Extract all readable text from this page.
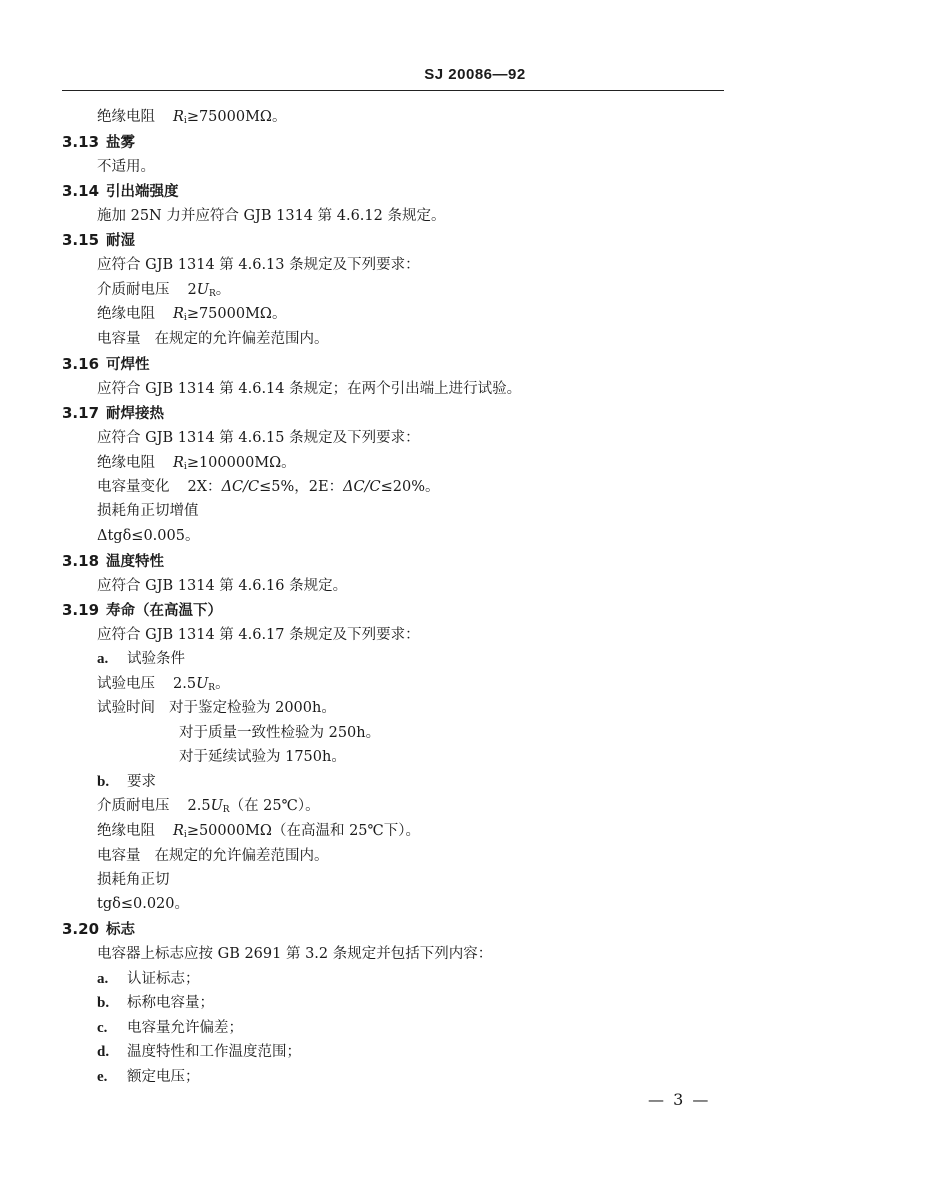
SJ 20086—92
绝缘电阻 $R_i\ge 75000M\Omega$。
3.13 盐雾
不适用。
3.14 引出端强度
施加 25N 力并应符合 GJB 1314 第 4.6.12 条规定。
3.15 耐湿
应符合 GJB 1314 第 4.6.13 条规定及下列要求：
介质耐电压 $2U_R$。
绝缘电阻 $R_i\ge 75000M\Omega$。
电容量 在规定的允许偏差范围内。
3.16 可焊性
应符合 GJB 1314 第 4.6.14 条规定；在两个引出端上进行试验。
3.17 耐焊接热
应符合 GJB 1314 第 4.6.15 条规定及下列要求：
绝缘电阻 $R_i\ge 100000M\Omega$。
电容量变化 2X：ΔC/C≤5%，2E：ΔC/C≤20%。
损耗角正切增值
Δtgδ≤0.005。
3.18 温度特性
应符合 GJB 1314 第 4.6.16 条规定。
3.19 寿命（在高温下）
应符合 GJB 1314 第 4.6.17 条规定及下列要求：
a. 试验条件
试验电压 $2.5U_R$。
试验时间 对于鉴定检验为 2000h。
对于质量一致性检验为 250h。
对于延续试验为 1750h。
b. 要求
介质耐电压 $2.5U_R$（在 25℃）。
绝缘电阻 $R_i\ge 50000M\Omega$（在高温和 25℃下）。
电容量 在规定的允许偏差范围内。
损耗角正切
tgδ≤0.020。
3.20 标志
电容器上标志应按 GB 2691 第 3.2 条规定并包括下列内容：
a. 认证标志；
b. 标称电容量；
c. 电容量允许偏差；
d. 温度特性和工作温度范围；
e. 额定电压；
— 3 —
